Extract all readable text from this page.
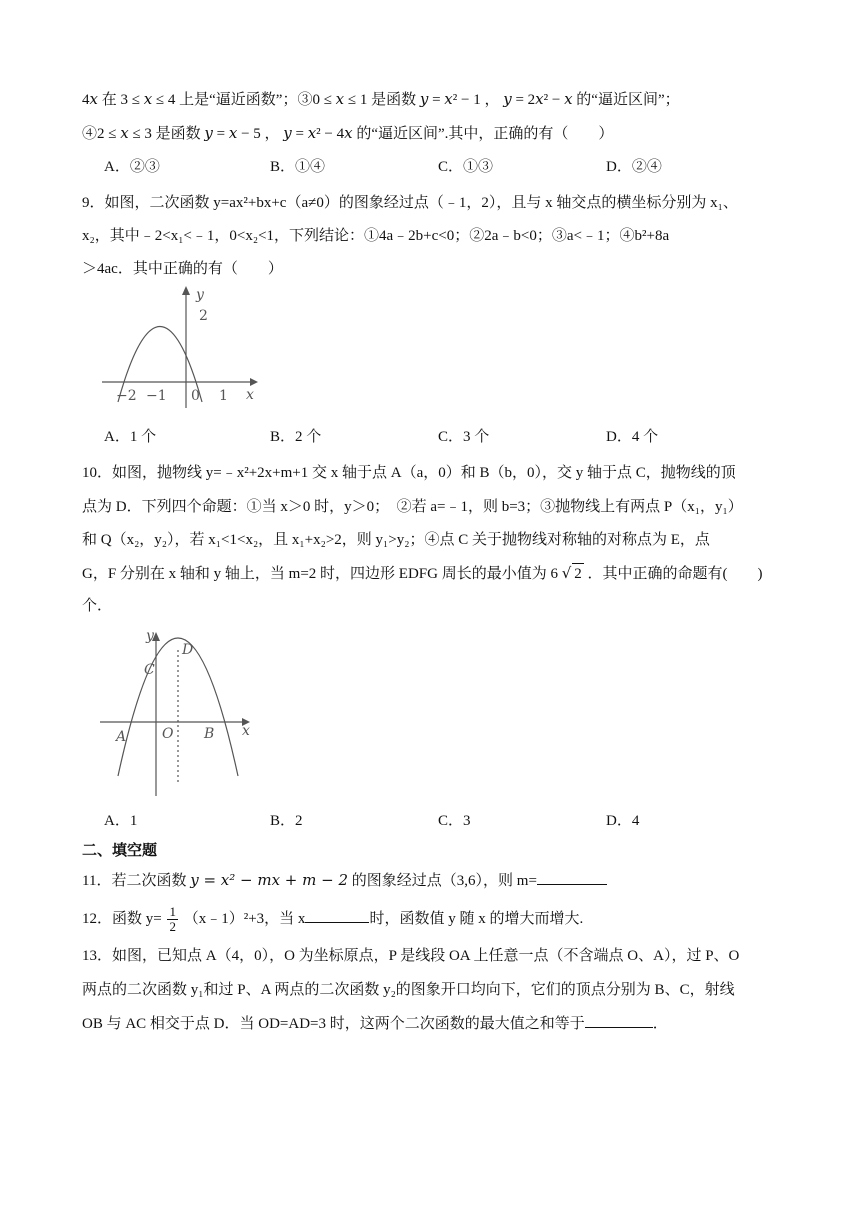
4𝑥 在 3 ≤ 𝑥 ≤ 4 上是“逼近函数”；③0 ≤ 𝑥 ≤ 1 是函数 𝑦 = 𝑥² − 1 ， 𝑦 = 2𝑥² − 𝑥 的“逼近区间”；
④2 ≤ 𝑥 ≤ 3 是函数 𝑦 = 𝑥 − 5 ， 𝑦 = 𝑥² − 4𝑥 的“逼近区间”.其中，正确的有（　　）
A．②③	B．①④	C．①③	D．②④
9．如图，二次函数 y=ax²+bx+c（a≠0）的图象经过点（﹣1，2），且与 x 轴交点的横坐标分别为 x₁、
x₂，其中﹣2<x₁<﹣1，0<x₂<1，下列结论：①4a﹣2b+c<0；②2a﹣b<0；③a<﹣1；④b²+8a
＞4ac．其中正确的有（　　）
y
x
2
−2 −1 0 1
A．1 个	B．2 个	C．3 个	D．4 个
10．如图，抛物线 y=﹣x²+2x+m+1 交 x 轴于点 A（a，0）和 B（b，0），交 y 轴于点 C，抛物线的顶
点为 D．下列四个命题：①当 x＞0 时，y＞0；　②若 a=﹣1，则 b=3；③抛物线上有两点 P（x₁，y₁）
和 Q（x₂，y₂），若 x₁<1<x₂，且 x₁+x₂>2，则 y₁>y₂；④点 C 关于抛物线对称轴的对称点为 E，点
G，F 分别在 x 轴和 y 轴上，当 m=2 时，四边形 EDFG 周长的最小值为 6 √ 2 ．其中正确的命题有(　　)
个．
y
x
D
C
A	O B
A．1	B．2	C．3	D．4
二、填空题
11．若二次函数 y = x² − mx + m − 2 的图象经过点（3,6），则 m=
12．函数 $y= \frac{1}{2}$ （x﹣1）²+3，当 x	时，函数值 y 随 x 的增大而增大.
13．如图，已知点 A（4，0），O 为坐标原点，P 是线段 OA 上任意一点（不含端点 O、A），过 P、O
两点的二次函数 y₁和过 P、A 两点的二次函数 y₂的图象开口均向下，它们的顶点分别为 B、C，射线
OB 与 AC 相交于点 D．当 OD=AD=3 时，这两个二次函数的最大值之和等于	．
